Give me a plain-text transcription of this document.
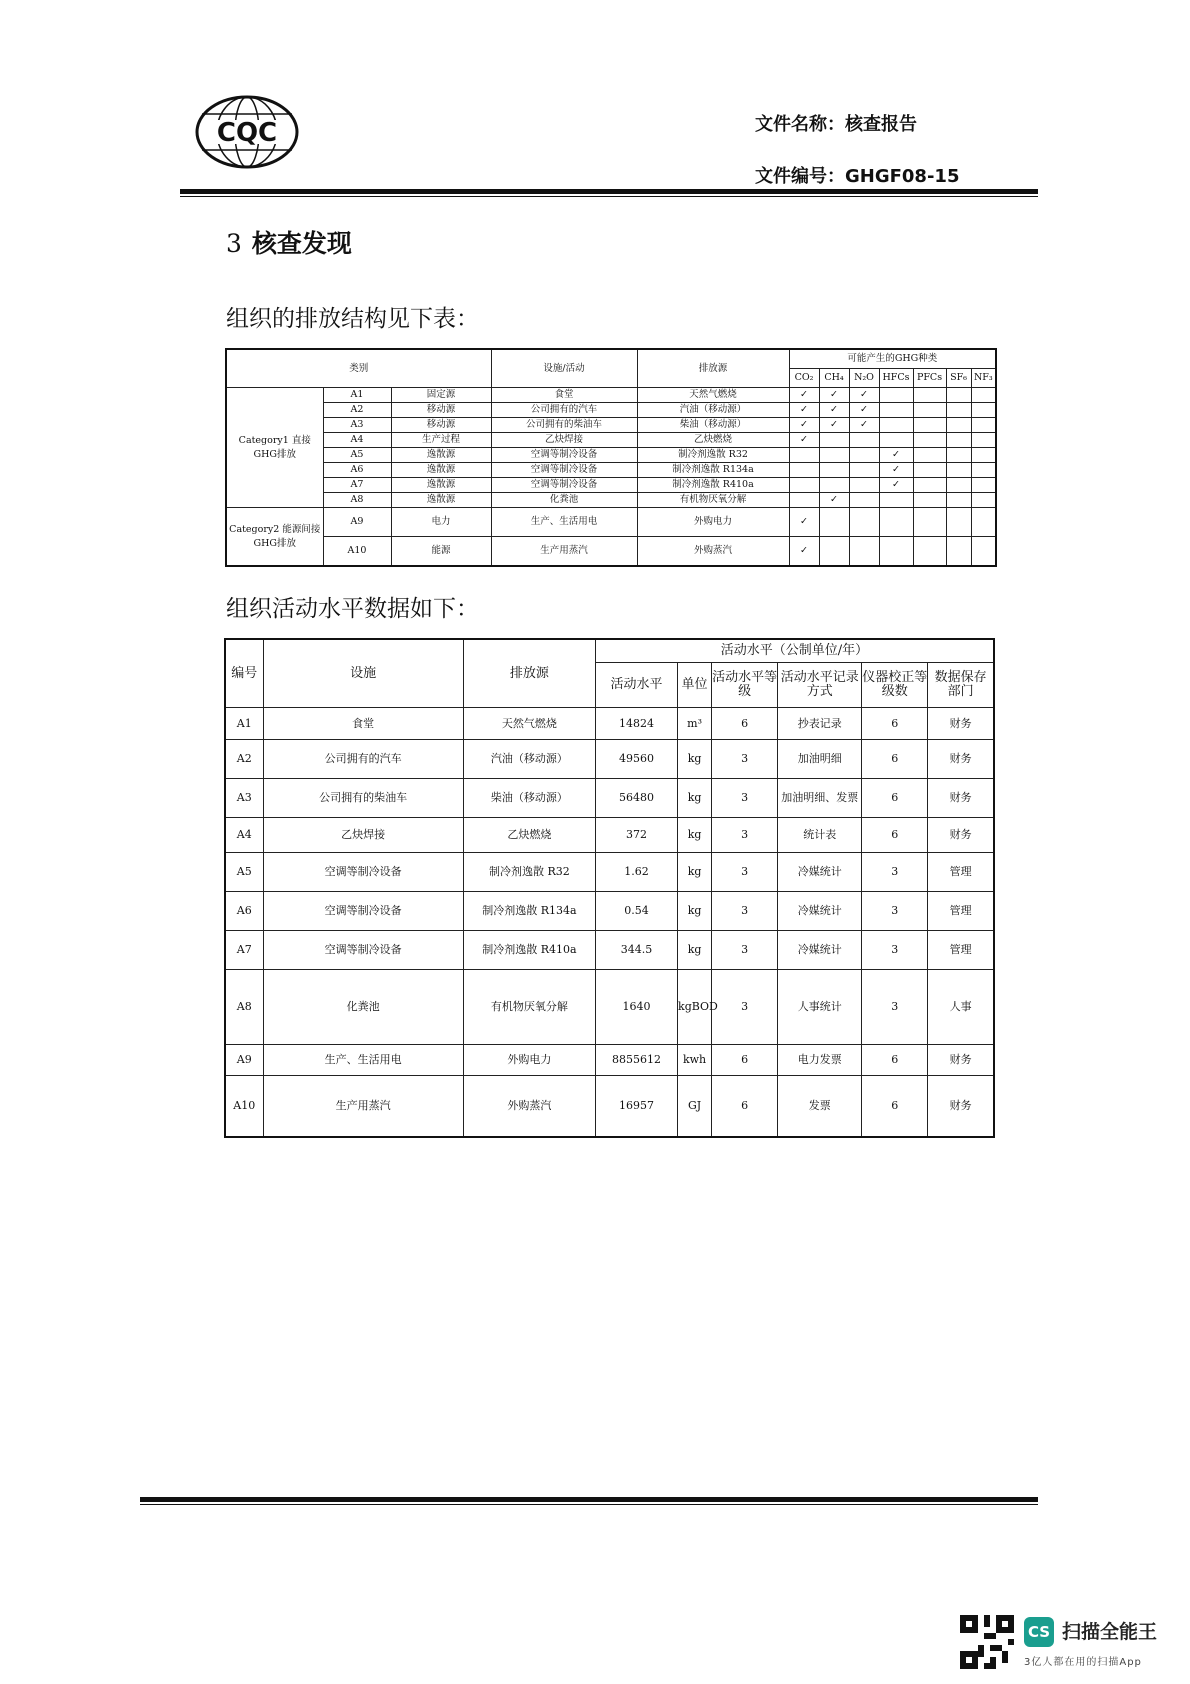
CQC	文件名称：核查报告
文件编号：GHGF08-15
3 核查发现
组织的排放结构见下表：
类别			设施/活动	排放源	可能产生的GHG种类						
					CO₂	CH₄	N₂O	HFCs	PFCs	SF₆	NF₃
Category1 直接GHG排放	A1	固定源	食堂	天然气燃烧	✓	✓	✓				
	A2	移动源	公司拥有的汽车	汽油（移动源）	✓	✓	✓				
	A3	移动源	公司拥有的柴油车	柴油（移动源）	✓	✓	✓				
	A4	生产过程	乙炔焊接	乙炔燃烧	✓						
	A5	逸散源	空调等制冷设备	制冷剂逸散 R32				✓			
	A6	逸散源	空调等制冷设备	制冷剂逸散 R134a				✓			
	A7	逸散源	空调等制冷设备	制冷剂逸散 R410a				✓			
	A8	逸散源	化粪池	有机物厌氧分解		✓					
Category2 能源间接GHG排放	A9	电力	生产、生活用电	外购电力	✓						
	A10	能源	生产用蒸汽	外购蒸汽	✓						
组织活动水平数据如下：
编号	设施	排放源	活动水平（公制单位/年）					
			活动水平	单位	活动水平等级	活动水平记录方式	仪器校正等级数	数据保存部门
A1	食堂	天然气燃烧	14824	m³	6	抄表记录	6	财务
A2	公司拥有的汽车	汽油（移动源）	49560	kg	3	加油明细	6	财务
A3	公司拥有的柴油车	柴油（移动源）	56480	kg	3	加油明细、发票	6	财务
A4	乙炔焊接	乙炔燃烧	372	kg	3	统计表	6	财务
A5	空调等制冷设备	制冷剂逸散 R32	1.62	kg	3	冷媒统计	3	管理
A6	空调等制冷设备	制冷剂逸散 R134a	0.54	kg	3	冷媒统计	3	管理
A7	空调等制冷设备	制冷剂逸散 R410a	344.5	kg	3	冷媒统计	3	管理
A8	化粪池	有机物厌氧分解	1640	kgBOD	3	人事统计	3	人事
A9	生产、生活用电	外购电力	8855612	kwh	6	电力发票	6	财务
A10	生产用蒸汽	外购蒸汽	16957	GJ	6	发票	6	财务
CS 扫描全能王
3亿人都在用的扫描App
